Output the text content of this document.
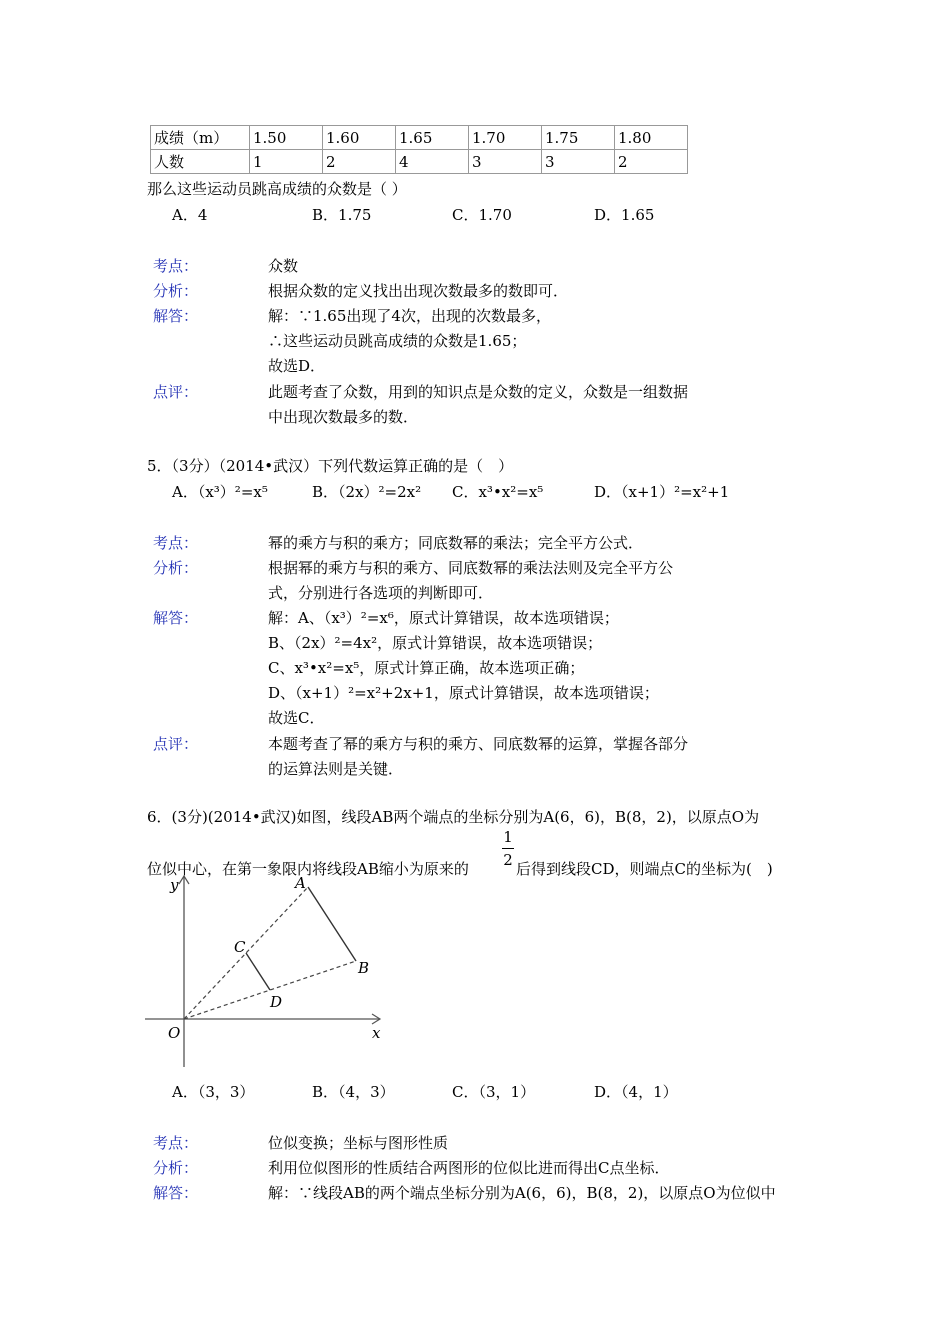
成绩（m）	1.50	1.60	1.65	1.70	1.75	1.80
人数	1	2	4	3	3	2
那么这些运动员跳高成绩的众数是（ ）
A．4	B．1.75	C．1.70	D．1.65
考点：	众数
分析：	根据众数的定义找出出现次数最多的数即可．
解答：	解：∵1.65出现了4次，出现的次数最多，
∴这些运动员跳高成绩的众数是1.65；
故选D．
点评：	此题考查了众数，用到的知识点是众数的定义，众数是一组数据
中出现次数最多的数．
5．（3分）（2014•武汉）下列代数运算正确的是（　）
A．（x³）²=x⁵	B．（2x）²=2x² C．x³•x²=x⁵	D．（x+1）²=x²+1
考点：	幂的乘方与积的乘方；同底数幂的乘法；完全平方公式．
分析：	根据幂的乘方与积的乘方、同底数幂的乘法法则及完全平方公
式，分别进行各选项的判断即可．
解答：	解：A、（x³）²=x⁶，原式计算错误，故本选项错误；
B、（2x）²=4x²，原式计算错误，故本选项错误；
C、x³•x²=x⁵，原式计算正确，故本选项正确；
D、（x+1）²=x²+2x+1，原式计算错误，故本选项错误；
故选C．
点评：	本题考查了幂的乘方与积的乘方、同底数幂的运算，掌握各部分
的运算法则是关键．
6．(3分)(2014•武汉)如图，线段AB两个端点的坐标分别为A(6，6)，B(8，2)，以原点O为
位似中心，在第一象限内将线段AB缩小为原来的
1
2 后得到线段CD，则端点C的坐标为(　)
y
x
O
A
B
C
D
A．（3，3）	B．（4，3）	C．（3，1）	D．（4，1）
考点：	位似变换；坐标与图形性质
分析：	利用位似图形的性质结合两图形的位似比进而得出C点坐标．
解答：	解：∵线段AB的两个端点坐标分别为A(6，6)，B(8，2)，以原点O为位似中
